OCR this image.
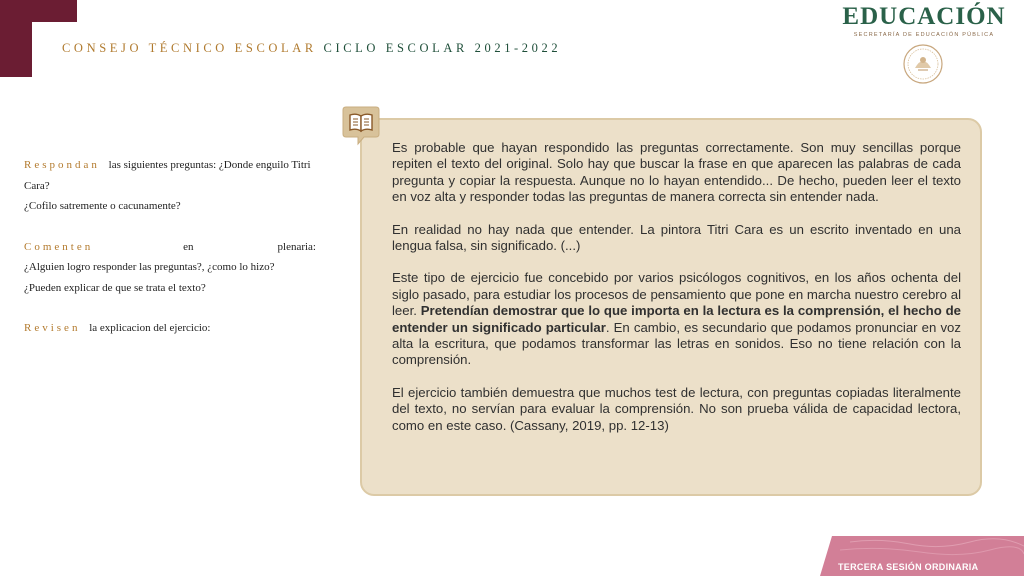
CONSEJO TÉCNICO ESCOLAR CICLO ESCOLAR 2021-2022
EDUCACIÓN
SECRETARÍA DE EDUCACIÓN PÚBLICA

Respondan las siguientes preguntas: ¿Donde enguilo Titri Cara?

¿Cofilo satremente o cacunamente?

Comenten	en plenaria:

¿Alguien logro responder las preguntas?, ¿como lo hizo?

¿Pueden explicar de que se trata el texto?

Revisen la explicacion del ejercicio:

Es probable que hayan respondido las preguntas correctamente. Son muy sencillas porque repiten el texto del original. Solo hay que buscar la frase en que aparecen las palabras de cada pregunta y copiar la respuesta. Aunque no lo hayan entendido... De hecho, pueden leer el texto en voz alta y responder todas las preguntas de manera correcta sin entender nada.

En realidad no hay nada que entender. La pintora Titri Cara es un escrito inventado en una lengua falsa, sin significado. (...)

Este tipo de ejercicio fue concebido por varios psicólogos cognitivos, en los años ochenta del siglo pasado, para estudiar los procesos de pensamiento que pone en marcha nuestro cerebro al leer. Pretendían demostrar que lo que importa en la lectura es la comprensión, el hecho de entender un significado particular. En cambio, es secundario que podamos pronunciar en voz alta la escritura, que podamos transformar las letras en sonidos. Eso no tiene relación con la comprensión.

El ejercicio también demuestra que muchos test de lectura, con preguntas copiadas literalmente del texto, no servían para evaluar la comprensión. No son prueba válida de capacidad lectora, como en este caso. (Cassany, 2019, pp. 12-13)

TERCERA SESIÓN ORDINARIA
